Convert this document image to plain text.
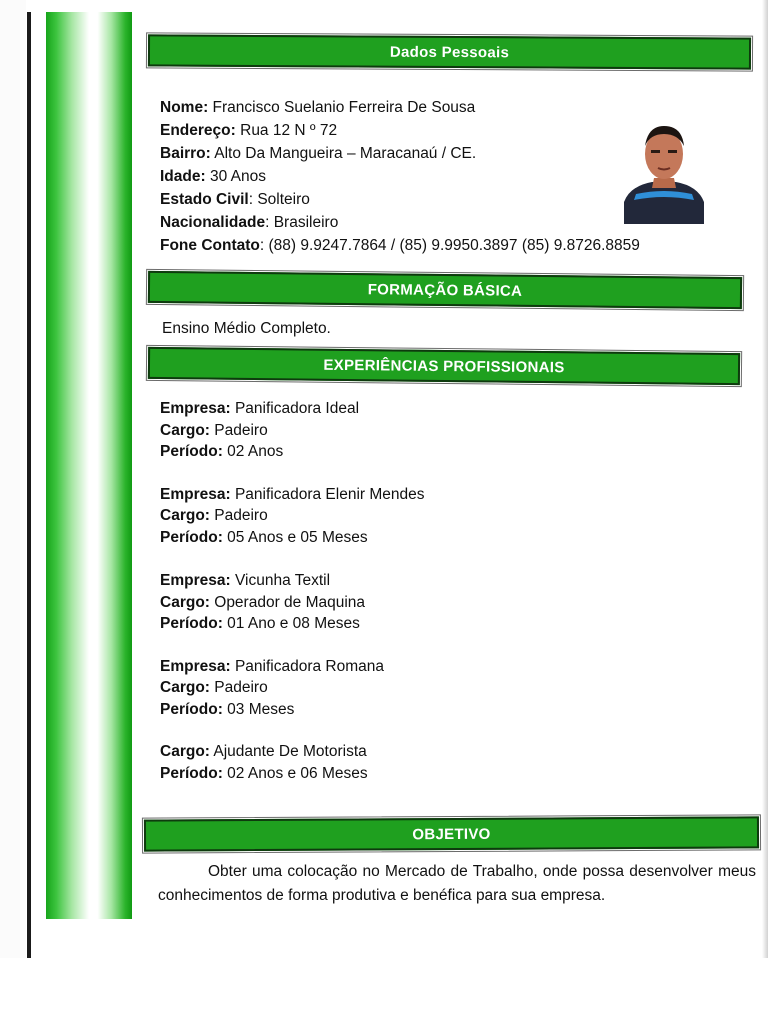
Dados Pessoais
Nome: Francisco Suelanio Ferreira De Sousa
Endereço: Rua 12 N º 72
Bairro: Alto Da Mangueira – Maracanaú / CE.
Idade: 30 Anos
Estado Civil: Solteiro
Nacionalidade: Brasileiro
Fone Contato: (88) 9.9247.7864 / (85) 9.9950.3897 (85) 9.8726.8859
FORMAÇÃO BÁSICA
Ensino Médio Completo.
EXPERIÊNCIAS PROFISSIONAIS
Empresa: Panificadora Ideal
Cargo: Padeiro
Período: 02 Anos
Empresa: Panificadora Elenir Mendes
Cargo: Padeiro
Período: 05 Anos e 05 Meses
Empresa: Vicunha Textil
Cargo: Operador de Maquina
Período: 01 Ano e 08 Meses
Empresa: Panificadora Romana
Cargo: Padeiro
Período: 03 Meses
Cargo: Ajudante De Motorista
Período: 02 Anos e 06 Meses
OBJETIVO
Obter uma colocação no Mercado de Trabalho, onde possa desenvolver meus conhecimentos de forma produtiva e benéfica para sua empresa.
